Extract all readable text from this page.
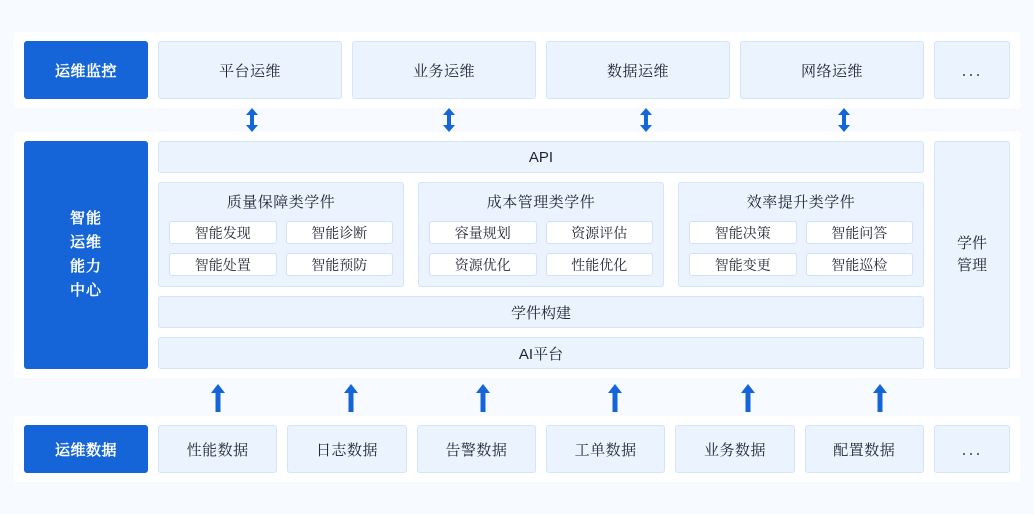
运维监控	平台运维	业务运维	数据运维	网络运维	...
智能
运维
能力
中心
API
质量保障类学件
智能发现	智能诊断
智能处置	智能预防
成本管理类学件
容量规划	资源评估
资源优化	性能优化
效率提升类学件
智能决策	智能问答
智能变更	智能巡检
学件构建
AI平台
学件
管理
运维数据	性能数据	日志数据	告警数据	工单数据	业务数据	配置数据	...
